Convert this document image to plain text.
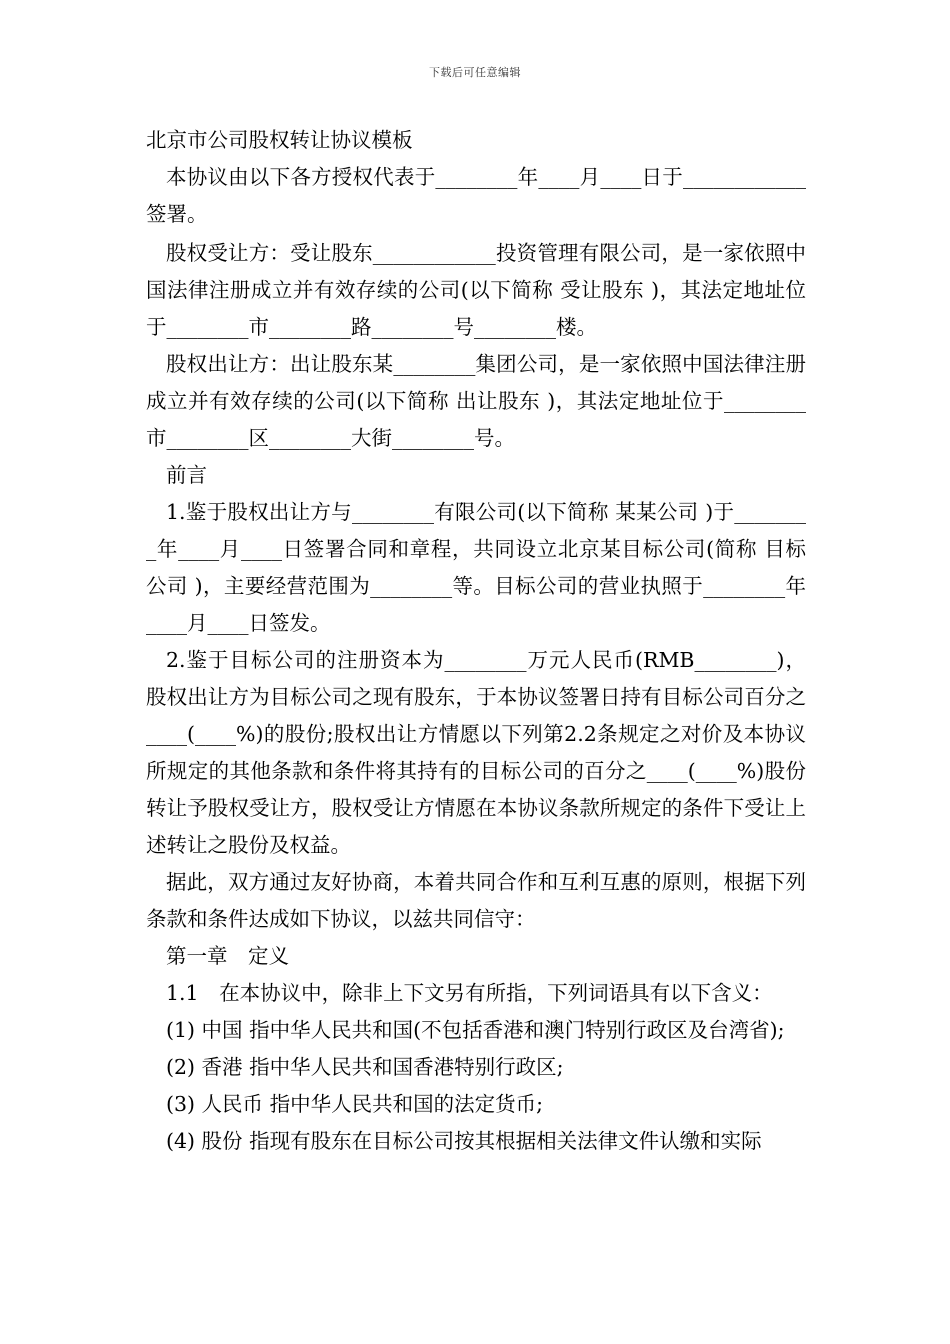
下载后可任意编辑

北京市公司股权转让协议模板

本协议由以下各方授权代表于________年____月____日于____________签署。

股权受让方：受让股东____________投资管理有限公司，是一家依照中国法律注册成立并有效存续的公司(以下简称 受让股东 )，其法定地址位于________市________路________号________楼。

股权出让方：出让股东某________集团公司，是一家依照中国法律注册成立并有效存续的公司(以下简称 出让股东 )，其法定地址位于________市________区________大街________号。

前言

1.鉴于股权出让方与________有限公司(以下简称 某某公司 )于________年____月____日签署合同和章程，共同设立北京某目标公司(简称 目标公司 )，主要经营范围为________等。目标公司的营业执照于________年____月____日签发。

2.鉴于目标公司的注册资本为________万元人民币(RMB________)，股权出让方为目标公司之现有股东，于本协议签署日持有目标公司百分之____(____%)的股份;股权出让方情愿以下列第2.2条规定之对价及本协议所规定的其他条款和条件将其持有的目标公司的百分之____(____%)股份转让予股权受让方，股权受让方情愿在本协议条款所规定的条件下受让上述转让之股份及权益。

据此，双方通过友好协商，本着共同合作和互利互惠的原则，根据下列条款和条件达成如下协议，以兹共同信守：

第一章　定义

1.1　在本协议中，除非上下文另有所指，下列词语具有以下含义：

(1) 中国 指中华人民共和国(不包括香港和澳门特别行政区及台湾省);

(2) 香港 指中华人民共和国香港特别行政区;

(3) 人民币 指中华人民共和国的法定货币;

(4) 股份 指现有股东在目标公司按其根据相关法律文件认缴和实际
